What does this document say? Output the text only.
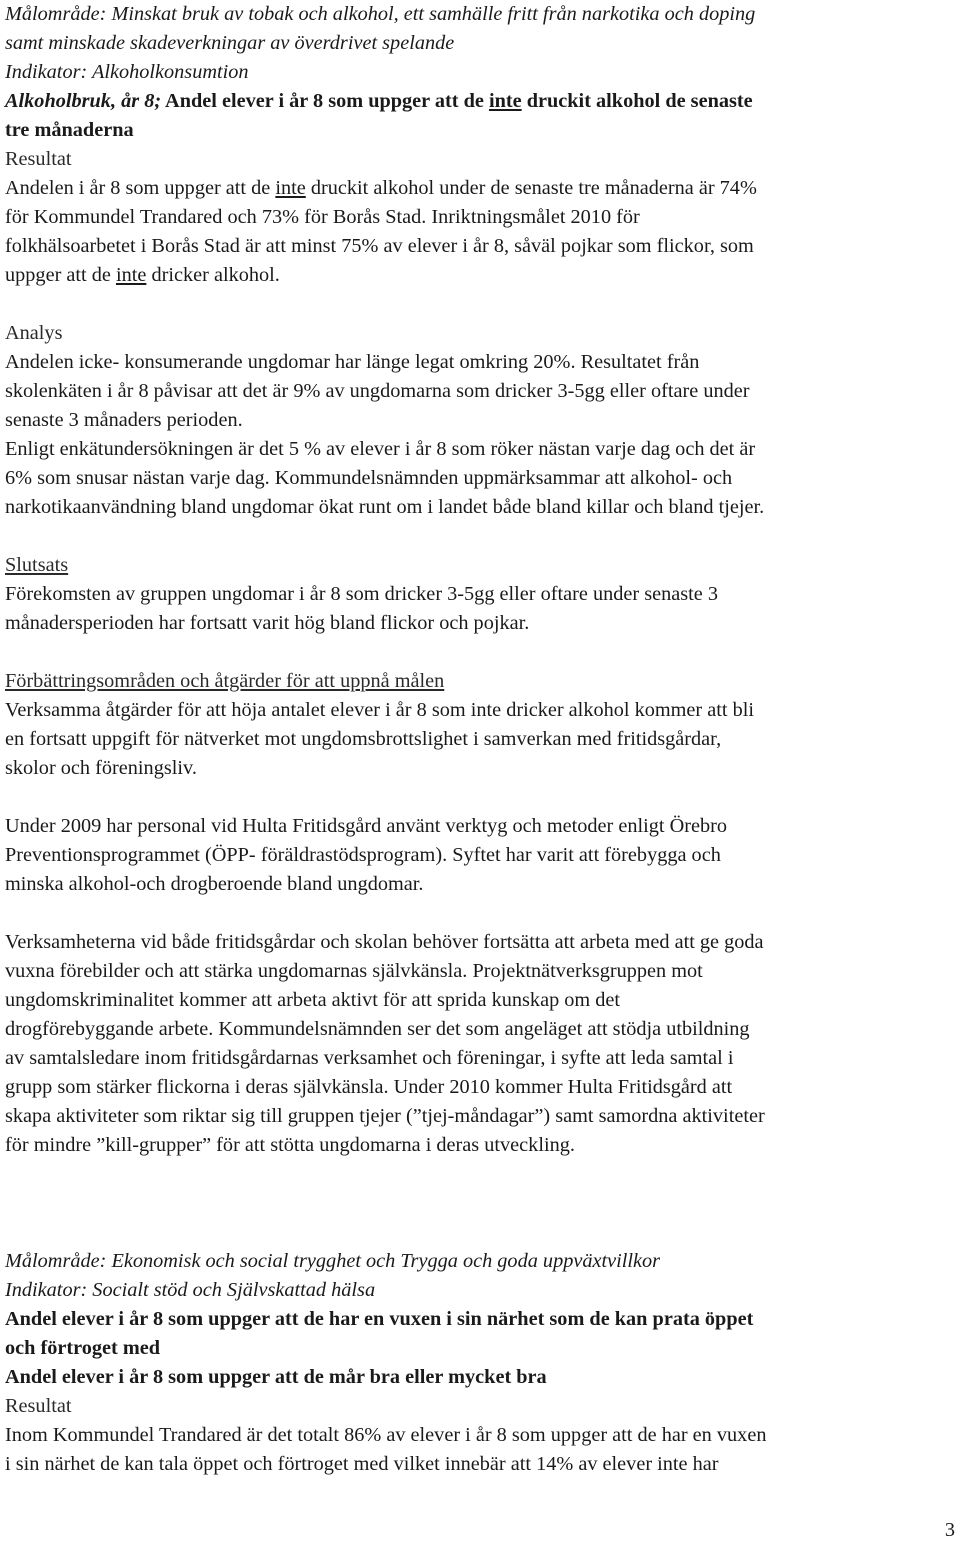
Målområde: Minskat bruk av tobak och alkohol, ett samhälle fritt från narkotika och doping
samt minskade skadeverkningar av överdrivet spelande
Indikator: Alkoholkonsumtion
Alkoholbruk, år 8; Andel elever i år 8 som uppger att de inte druckit alkohol de senaste
tre månaderna
Resultat
Andelen i år 8 som uppger att de inte druckit alkohol under de senaste tre månaderna är 74%
för Kommundel Trandared och 73% för Borås Stad. Inriktningsmålet 2010 för
folkhälsoarbetet i Borås Stad är att minst 75% av elever i år 8, såväl pojkar som flickor, som
uppger att de inte dricker alkohol.
Analys
Andelen icke- konsumerande ungdomar har länge legat omkring 20%. Resultatet från
skolenkäten i år 8 påvisar att det är 9% av ungdomarna som dricker 3-5gg eller oftare under
senaste 3 månaders perioden.
Enligt enkätundersökningen är det 5 % av elever i år 8 som röker nästan varje dag och det är
6% som snusar nästan varje dag. Kommundelsnämnden uppmärksammar att alkohol- och
narkotikaanvändning bland ungdomar ökat runt om i landet både bland killar och bland tjejer.
Slutsats
Förekomsten av gruppen ungdomar i år 8 som dricker 3-5gg eller oftare under senaste 3
månadersperioden har fortsatt varit hög bland flickor och pojkar.
Förbättringsområden och åtgärder för att uppnå målen
Verksamma åtgärder för att höja antalet elever i år 8 som inte dricker alkohol kommer att bli
en fortsatt uppgift för nätverket mot ungdomsbrottslighet i samverkan med fritidsgårdar,
skolor och föreningsliv.
Under 2009 har personal vid Hulta Fritidsgård använt verktyg och metoder enligt Örebro
Preventionsprogrammet (ÖPP- föräldrastödsprogram). Syftet har varit att förebygga och
minska alkohol-och drogberoende bland ungdomar.
Verksamheterna vid både fritidsgårdar och skolan behöver fortsätta att arbeta med att ge goda
vuxna förebilder och att stärka ungdomarnas självkänsla. Projektnätverksgruppen mot
ungdomskriminalitet kommer att arbeta aktivt för att sprida kunskap om det
drogförebyggande arbete. Kommundelsnämnden ser det som angeläget att stödja utbildning
av samtalsledare inom fritidsgårdarnas verksamhet och föreningar, i syfte att leda samtal i
grupp som stärker flickorna i deras självkänsla. Under 2010 kommer Hulta Fritidsgård att
skapa aktiviteter som riktar sig till gruppen tjejer (”tjej-måndagar”) samt samordna aktiviteter
för mindre ”kill-grupper” för att stötta ungdomarna i deras utveckling.
Målområde: Ekonomisk och social trygghet och Trygga och goda uppväxtvillkor
Indikator: Socialt stöd och Självskattad hälsa
Andel elever i år 8 som uppger att de har en vuxen i sin närhet som de kan prata öppet
och förtroget med
Andel elever i år 8 som uppger att de mår bra eller mycket bra
Resultat
Inom Kommundel Trandared är det totalt 86% av elever i år 8 som uppger att de har en vuxen
i sin närhet de kan tala öppet och förtroget med vilket innebär att 14% av elever inte har
3
